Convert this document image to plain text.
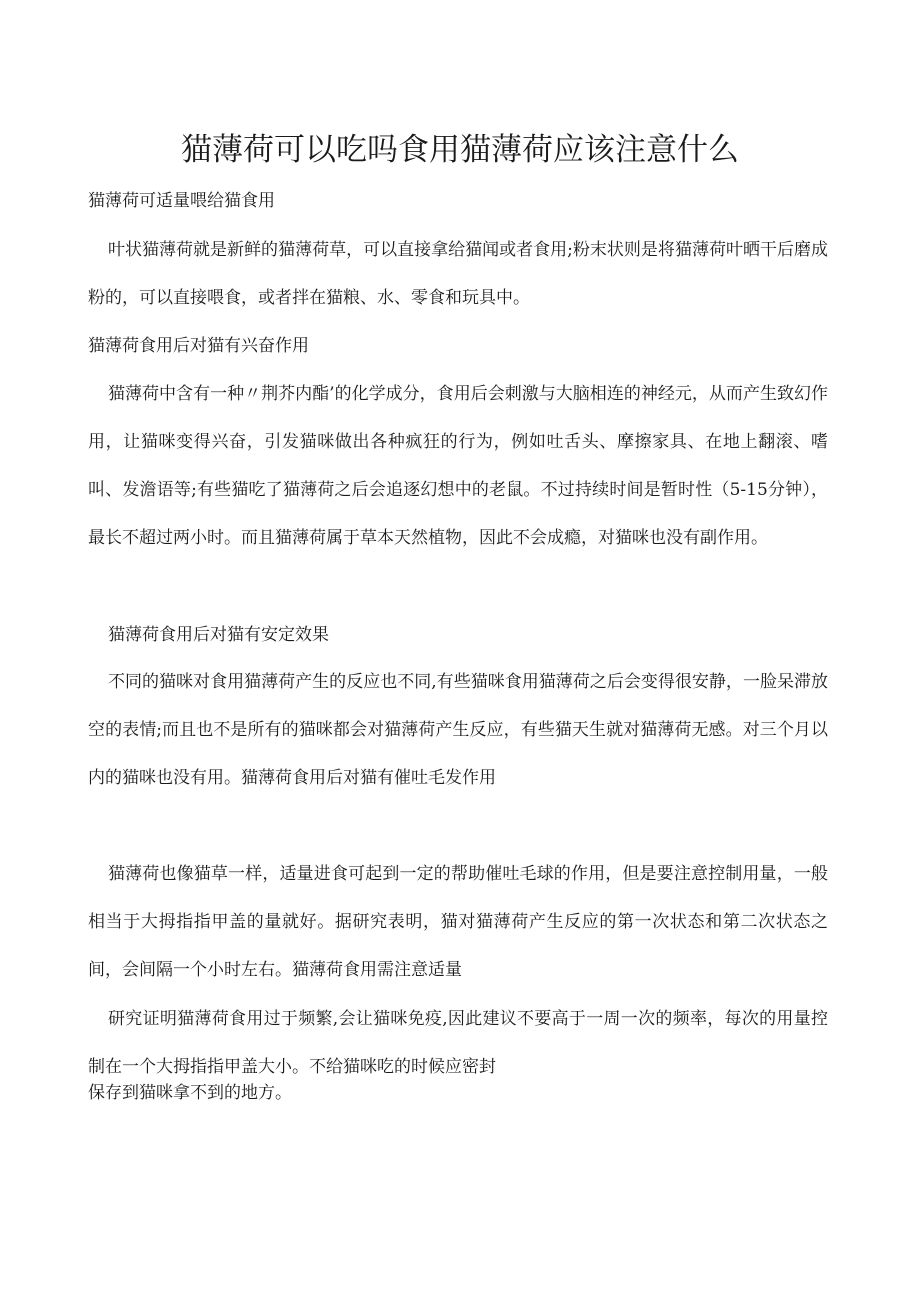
猫薄荷可以吃吗食用猫薄荷应该注意什么
猫薄荷可适量喂给猫食用

叶状猫薄荷就是新鲜的猫薄荷草，可以直接拿给猫闻或者食用;粉末状则是将猫薄荷叶晒干后磨成粉的，可以直接喂食，或者拌在猫粮、水、零食和玩具中。

猫薄荷食用后对猫有兴奋作用

猫薄荷中含有一种〃荆芥内酯’的化学成分，食用后会刺激与大脑相连的神经元，从而产生致幻作用，让猫咪变得兴奋，引发猫咪做出各种疯狂的行为，例如吐舌头、摩擦家具、在地上翻滚、嗜叫、发澹语等;有些猫吃了猫薄荷之后会追逐幻想中的老鼠。不过持续时间是暂时性（5-15分钟），最长不超过两小时。而且猫薄荷属于草本天然植物，因此不会成瘾，对猫咪也没有副作用。

猫薄荷食用后对猫有安定效果

不同的猫咪对食用猫薄荷产生的反应也不同,有些猫咪食用猫薄荷之后会变得很安静，一脸呆滞放空的表情;而且也不是所有的猫咪都会对猫薄荷产生反应，有些猫天生就对猫薄荷无感。对三个月以内的猫咪也没有用。猫薄荷食用后对猫有催吐毛发作用

猫薄荷也像猫草一样，适量进食可起到一定的帮助催吐毛球的作用，但是要注意控制用量，一般相当于大拇指指甲盖的量就好。据研究表明，猫对猫薄荷产生反应的第一次状态和第二次状态之间，会间隔一个小时左右。猫薄荷食用需注意适量

研究证明猫薄荷食用过于频繁,会让猫咪免疫,因此建议不要高于一周一次的频率，每次的用量控制在一个大拇指指甲盖大小。不给猫咪吃的时候应密封

保存到猫咪拿不到的地方。
